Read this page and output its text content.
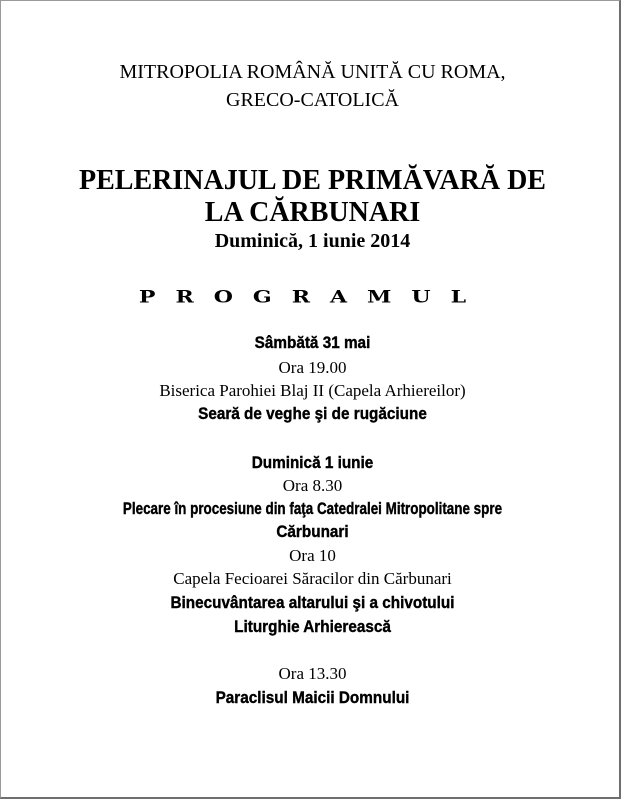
MITROPOLIA ROMÂNĂ UNITĂ CU ROMA,
GRECO-CATOLICĂ
PELERINAJUL DE PRIMĂVARĂ DE
LA CĂRBUNARI
Duminică, 1 iunie 2014
PROGRAMUL
Sâmbătă 31 mai
Ora 19.00
Biserica Parohiei Blaj II (Capela Arhiereilor)
Seară de veghe şi de rugăciune
Duminică 1 iunie
Ora 8.30
Plecare în procesiune din faţa Catedralei Mitropolitane spre
Cărbunari
Ora 10
Capela Fecioarei Săracilor din Cărbunari
Binecuvântarea altarului şi a chivotului
Liturghie Arhierească
Ora 13.30
Paraclisul Maicii Domnului
